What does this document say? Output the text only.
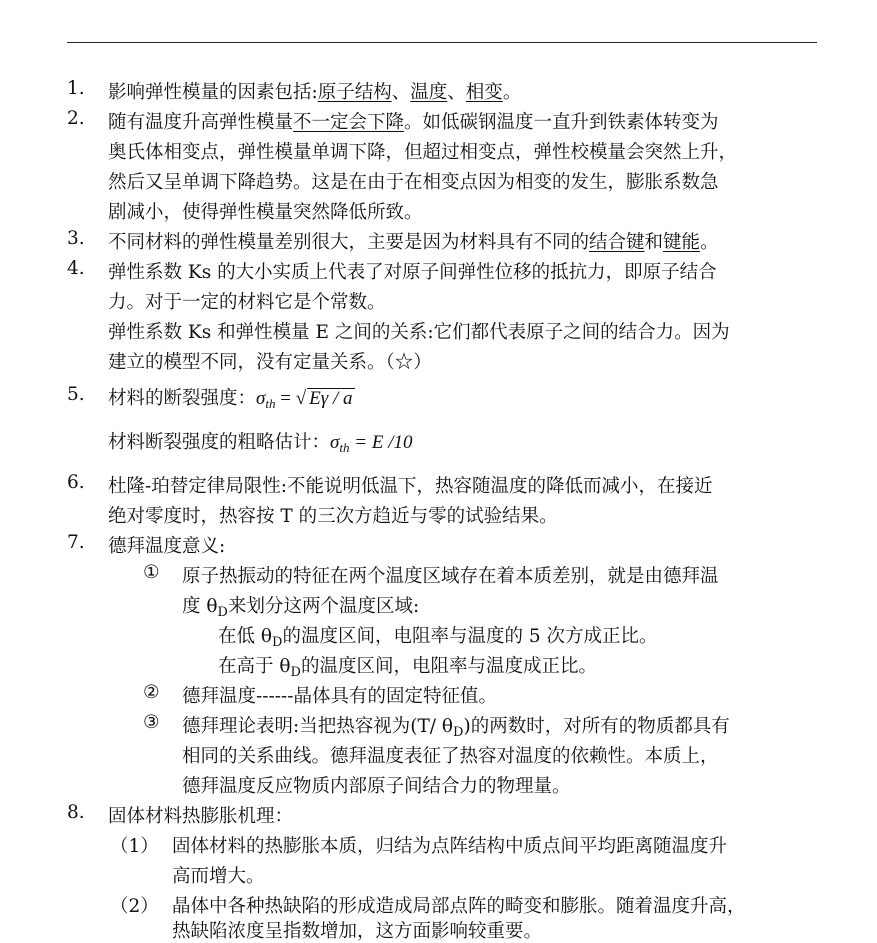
1. 影响弹性模量的因素包括:原子结构、温度、相变。
2. 随有温度升高弹性模量不一定会下降。如低碳钢温度一直升到铁素体转变为
奥氏体相变点，弹性模量单调下降，但超过相变点，弹性校模量会突然上升，
然后又呈单调下降趋势。这是在由于在相变点因为相变的发生，膨胀系数急
剧减小，使得弹性模量突然降低所致。
3. 不同材料的弹性模量差别很大，主要是因为材料具有不同的结合键和键能。
4. 弹性系数 Ks 的大小实质上代表了对原子间弹性位移的抵抗力，即原子结合
力。对于一定的材料它是个常数。
弹性系数 Ks 和弹性模量 E 之间的关系:它们都代表原子之间的结合力。因为
建立的模型不同，没有定量关系。（☆）
5. 材料的断裂强度：$\sigma_{th}$ = √ Eγ / a
材料断裂强度的粗略估计：$\sigma_{th} = E$ /10
6. 杜隆-珀替定律局限性:不能说明低温下，热容随温度的降低而减小，在接近
绝对零度时，热容按 T 的三次方趋近与零的试验结果。
7. 德拜温度意义:
① 原子热振动的特征在两个温度区域存在着本质差别，就是由德拜温
度 $\theta_D$来划分这两个温度区域:
在低 $\theta_D$的温度区间，电阻率与温度的 5 次方成正比。
在高于 $\theta_D$的温度区间，电阻率与温度成正比。
② 德拜温度------晶体具有的固定特征值。
③ 德拜理论表明:当把热容视为(T/ $\theta_D$)的两数时，对所有的物质都具有
相同的关系曲线。德拜温度表征了热容对温度的依赖性。本质上，
德拜温度反应物质内部原子间结合力的物理量。
8. 固体材料热膨胀机理：
（1） 固体材料的热膨胀本质，归结为点阵结构中质点间平均距离随温度升
高而增大。
（2） 晶体中各种热缺陷的形成造成局部点阵的畸变和膨胀。随着温度升高，
热缺陷浓度呈指数增加，这方面影响较重要。
